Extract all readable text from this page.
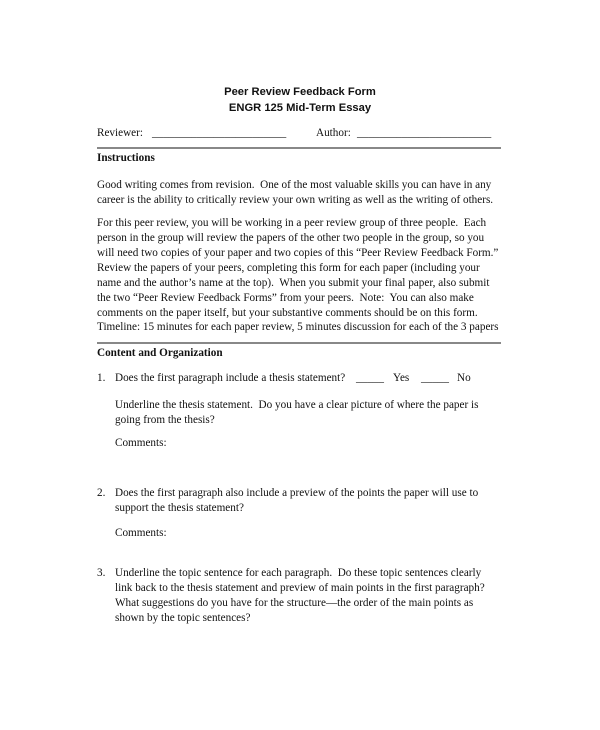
Peer Review Feedback Form
ENGR 125 Mid-Term Essay
Reviewer: ________________________	Author: ________________________
Instructions
Good writing comes from revision.  One of the most valuable skills you can have in any
career is the ability to critically review your own writing as well as the writing of others.
For this peer review, you will be working in a peer review group of three people.  Each
person in the group will review the papers of the other two people in the group, so you
will need two copies of your paper and two copies of this “Peer Review Feedback Form.”
Review the papers of your peers, completing this form for each paper (including your
name and the author’s name at the top).  When you submit your final paper, also submit
the two “Peer Review Feedback Forms” from your peers.  Note:  You can also make
comments on the paper itself, but your substantive comments should be on this form.
Timeline: 15 minutes for each paper review, 5 minutes discussion for each of the 3 papers
Content and Organization
1. Does the first paragraph include a thesis statement? _____ Yes _____ No
Underline the thesis statement.  Do you have a clear picture of where the paper is
going from the thesis?
Comments:
2. Does the first paragraph also include a preview of the points the paper will use to
support the thesis statement?
Comments:
3. Underline the topic sentence for each paragraph.  Do these topic sentences clearly
link back to the thesis statement and preview of main points in the first paragraph?
What suggestions do you have for the structure—the order of the main points as
shown by the topic sentences?
